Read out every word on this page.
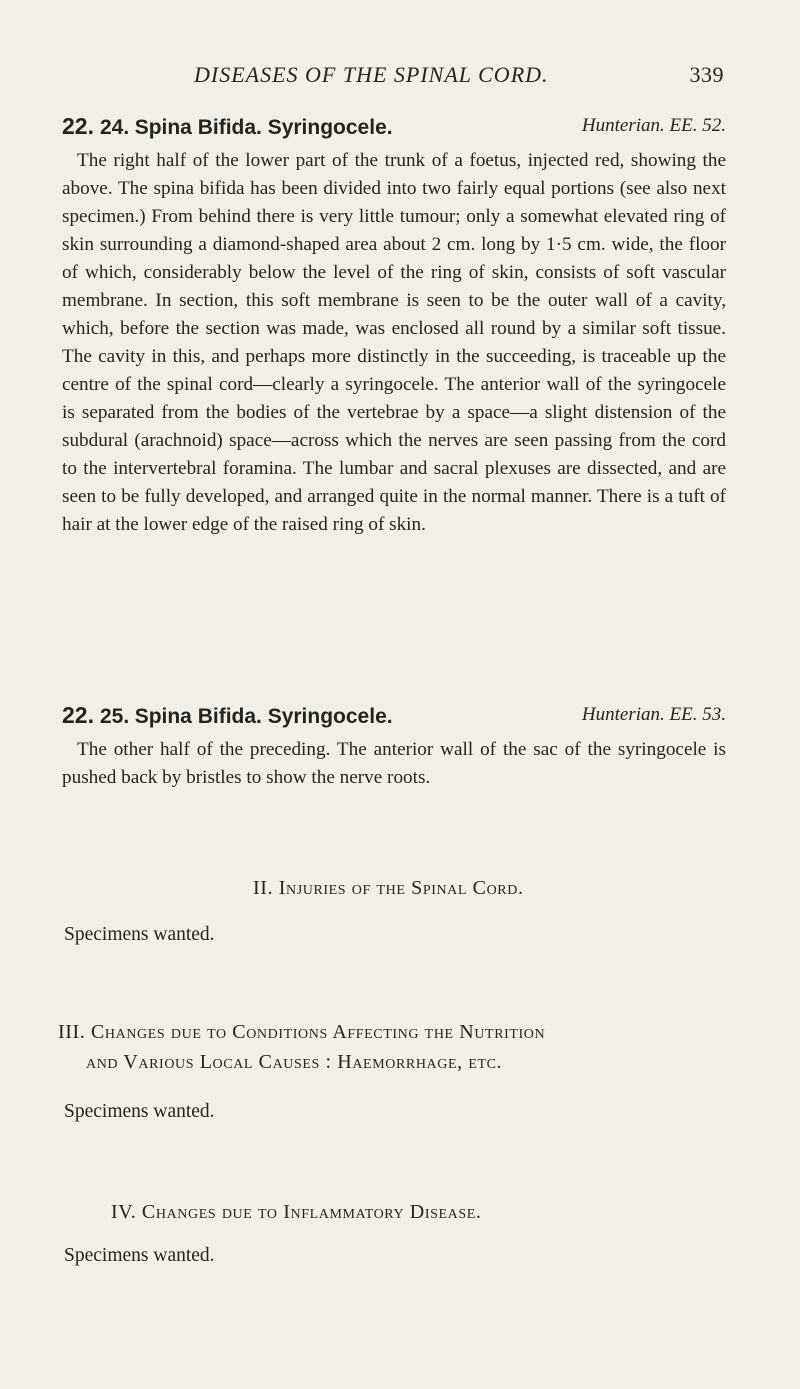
DISEASES OF THE SPINAL CORD.	339
22. 24. Spina Bifida. Syringocele.	Hunterian. EE. 52.

The right half of the lower part of the trunk of a foetus, injected red, showing the above. The spina bifida has been divided into two fairly equal portions (see also next specimen.) From behind there is very little tumour; only a somewhat elevated ring of skin surrounding a diamond-shaped area about 2 cm. long by 1·5 cm. wide, the floor of which, considerably below the level of the ring of skin, consists of soft vascular membrane. In section, this soft membrane is seen to be the outer wall of a cavity, which, before the section was made, was enclosed all round by a similar soft tissue. The cavity in this, and perhaps more distinctly in the succeeding, is traceable up the centre of the spinal cord—clearly a syringocele. The anterior wall of the syringocele is separated from the bodies of the vertebrae by a space—a slight distension of the subdural (arachnoid) space—across which the nerves are seen passing from the cord to the intervertebral foramina. The lumbar and sacral plexuses are dissected, and are seen to be fully developed, and arranged quite in the normal manner. There is a tuft of hair at the lower edge of the raised ring of skin.

22. 25. Spina Bifida. Syringocele.	Hunterian. EE. 53.

The other half of the preceding. The anterior wall of the sac of the syringocele is pushed back by bristles to show the nerve roots.

II. Injuries of the Spinal Cord.
Specimens wanted.
III. Changes due to Conditions Affecting the Nutrition
and Various Local Causes : Haemorrhage, etc.
Specimens wanted.
IV. Changes due to Inflammatory Disease.
Specimens wanted.
